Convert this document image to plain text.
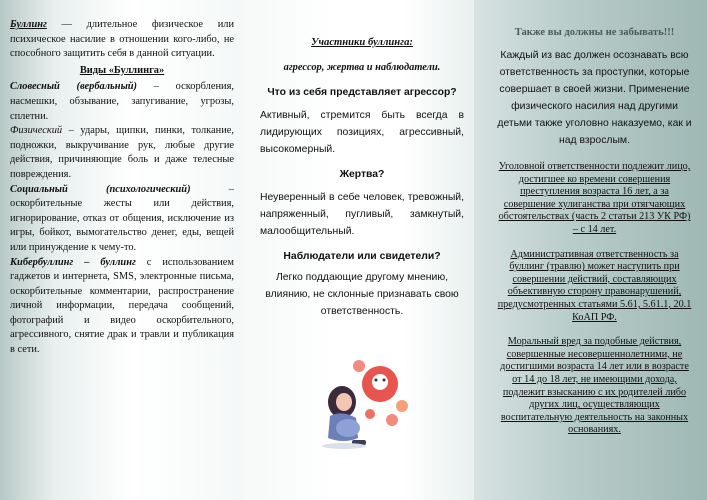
Буллинг — длительное физическое или психическое насилие в отношении кого-либо, не способного защитить себя в данной ситуации.

Виды «Буллинга»

Словесный (вербальный) – оскорбления, насмешки, обзывание, запугивание, угрозы, сплетни.

Физический – удары, щипки, пинки, толкание, подножки, выкручивание рук, любые другие действия, причиняющие боль и даже телесные повреждения.

Социальный (психологический) – оскорбительные жесты или действия, игнорирование, отказ от общения, исключение из игры, бойкот, вымогательство денег, еды, вещей или принуждение к чему-то.

Кибербуллинг – буллинг с использованием гаджетов и интернета, SMS, электронные письма, оскорбительные комментарии, распространение личной информации, передача сообщений, фотографий и видео оскорбительного, агрессивного, снятие драк и травли и публикация в сети.

Участники буллинга:
агрессор, жертва и наблюдатели.
Что из себя представляет агрессор?
Активный, стремится быть всегда в лидирующих позициях, агрессивный, высокомерный.
Жертва?
Неуверенный в себе человек, тревожный, напряженный, пугливый, замкнутый, малообщительный.
Наблюдатели или свидетели?
Легко поддающие другому мнению, влиянию, не склонные признавать свою ответственность.
Также вы должны не забывать!!!
Каждый из вас должен осознавать всю ответственность за проступки, которые совершает в своей жизни. Применение физического насилия над другими детьми также уголовно наказуемо, как и над взрослым.
Уголовной ответственности подлежит лицо, достигшее ко времени совершения преступления возраста 16 лет, а за совершение хулиганства при отягчающих обстоятельствах (часть 2 статьи 213 УК РФ) – с 14 лет.
Административная ответственность за буллинг (травлю) может наступить при совершении действий, составляющих объективную сторону правонарушений, предусмотренных статьями 5.61, 5.61.1, 20.1 КоАП РФ.
Моральный вред за подобные действия, совершенные несовершеннолетними, не достигшими возраста 14 лет или в возрасте от 14 до 18 лет, не имеющими дохода, подлежит взысканию с их родителей либо других лиц, осуществляющих воспитательную деятельность на законных основаниях.
